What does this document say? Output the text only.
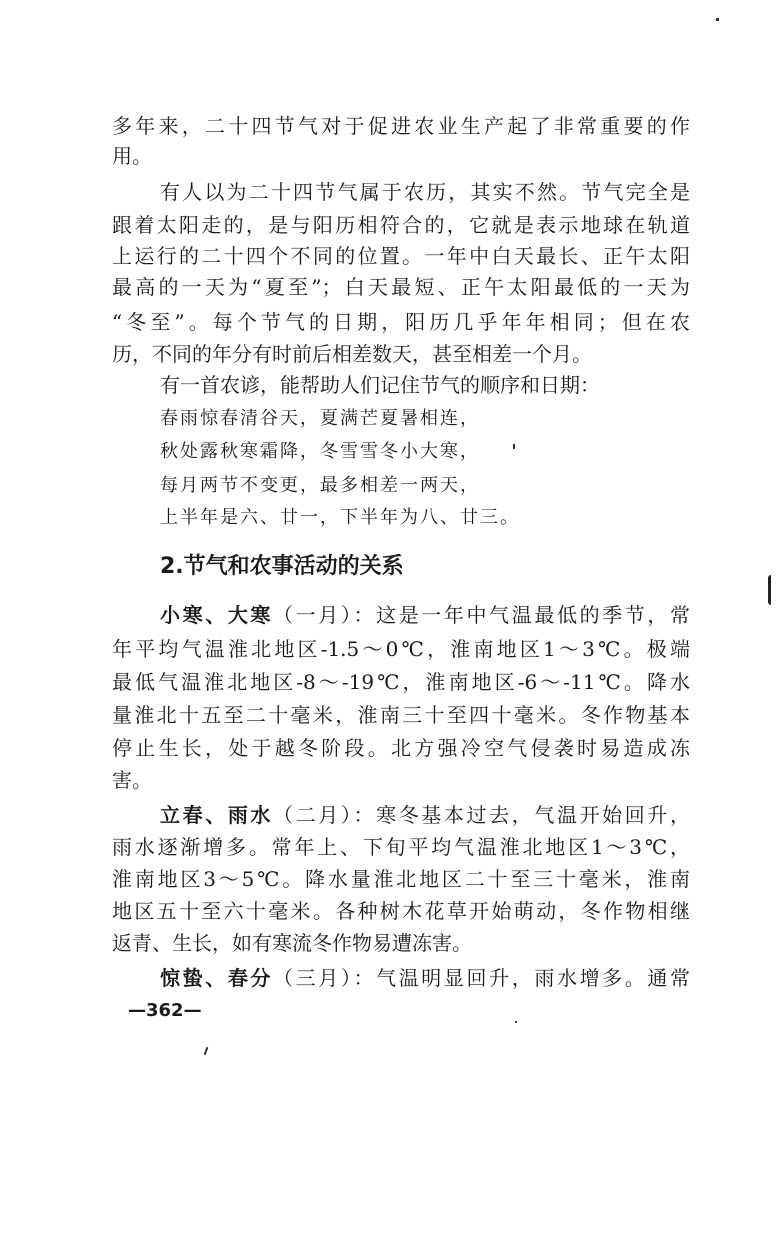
多年来，二十四节气对于促进农业生产起了非常重要的作
用。
有人以为二十四节气属于农历，其实不然。节气完全是
跟着太阳走的，是与阳历相符合的，它就是表示地球在轨道
上运行的二十四个不同的位置。一年中白天最长、正午太阳
最高的一天为“夏至”；白天最短、正午太阳最低的一天为
“冬至”。每个节气的日期，阳历几乎年年相同；但在农
历，不同的年分有时前后相差数天，甚至相差一个月。
有一首农谚，能帮助人们记住节气的顺序和日期：
春雨惊春清谷天，夏满芒夏暑相连，
秋处露秋寒霜降，冬雪雪冬小大寒，
每月两节不变更，最多相差一两天，
上半年是六、廿一，下半年为八、廿三。
2.节气和农事活动的关系
小寒、大寒（一月）：这是一年中气温最低的季节，常
年平均气温淮北地区-1.5～0℃，淮南地区1～3℃。极端
最低气温淮北地区-8～-19℃，淮南地区-6～-11℃。降水
量淮北十五至二十毫米，淮南三十至四十毫米。冬作物基本
停止生长，处于越冬阶段。北方强冷空气侵袭时易造成冻
害。
立春、雨水（二月）：寒冬基本过去，气温开始回升，
雨水逐渐增多。常年上、下旬平均气温淮北地区1～3℃，
淮南地区3～5℃。降水量淮北地区二十至三十毫米，淮南
地区五十至六十毫米。各种树木花草开始萌动，冬作物相继
返青、生长，如有寒流冬作物易遭冻害。
惊蛰、春分（三月）：气温明显回升，雨水增多。通常
—362—
